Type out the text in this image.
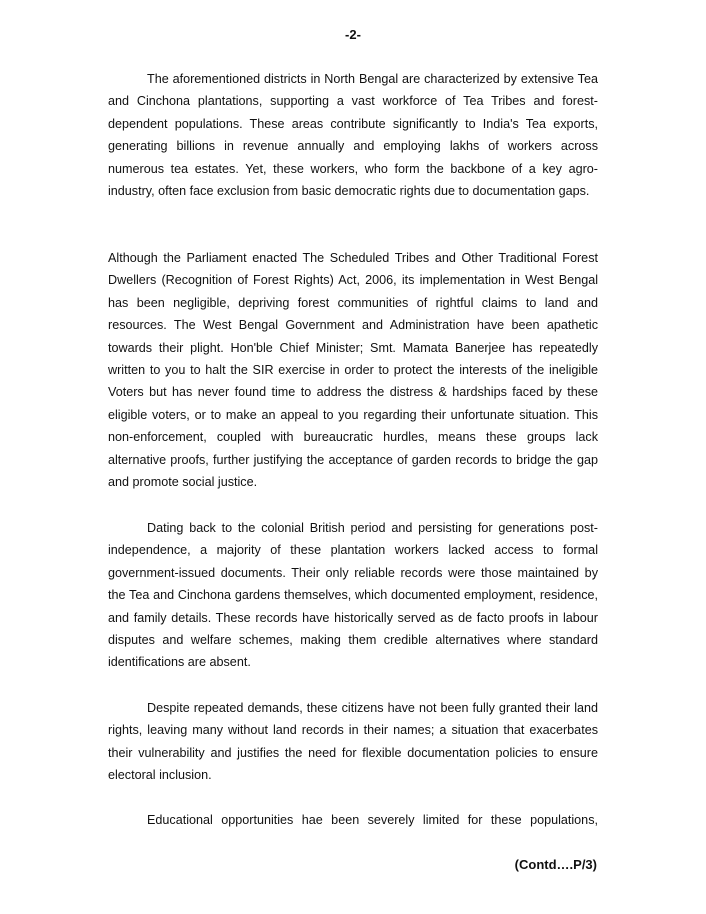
-2-

The aforementioned districts in North Bengal are characterized by extensive Tea and Cinchona plantations, supporting a vast workforce of Tea Tribes and forest-dependent populations. These areas contribute significantly to India's Tea exports, generating billions in revenue annually and employing lakhs of workers across numerous tea estates. Yet, these workers, who form the backbone of a key agro-industry, often face exclusion from basic democratic rights due to documentation gaps.

Although the Parliament enacted The Scheduled Tribes and Other Traditional Forest Dwellers (Recognition of Forest Rights) Act, 2006, its implementation in West Bengal has been negligible, depriving forest communities of rightful claims to land and resources. The West Bengal Government and Administration have been apathetic towards their plight. Hon'ble Chief Minister; Smt. Mamata Banerjee has repeatedly written to you to halt the SIR exercise in order to protect the interests of the ineligible Voters but has never found time to address the distress & hardships faced by these eligible voters, or to make an appeal to you regarding their unfortunate situation. This non-enforcement, coupled with bureaucratic hurdles, means these groups lack alternative proofs, further justifying the acceptance of garden records to bridge the gap and promote social justice.

Dating back to the colonial British period and persisting for generations post-independence, a majority of these plantation workers lacked access to formal government-issued documents. Their only reliable records were those maintained by the Tea and Cinchona gardens themselves, which documented employment, residence, and family details. These records have historically served as de facto proofs in labour disputes and welfare schemes, making them credible alternatives where standard identifications are absent.

Despite repeated demands, these citizens have not been fully granted their land rights, leaving many without land records in their names; a situation that exacerbates their vulnerability and justifies the need for flexible documentation policies to ensure electoral inclusion.

Educational opportunities hae been severely limited for these populations,

(Contd….P/3)
